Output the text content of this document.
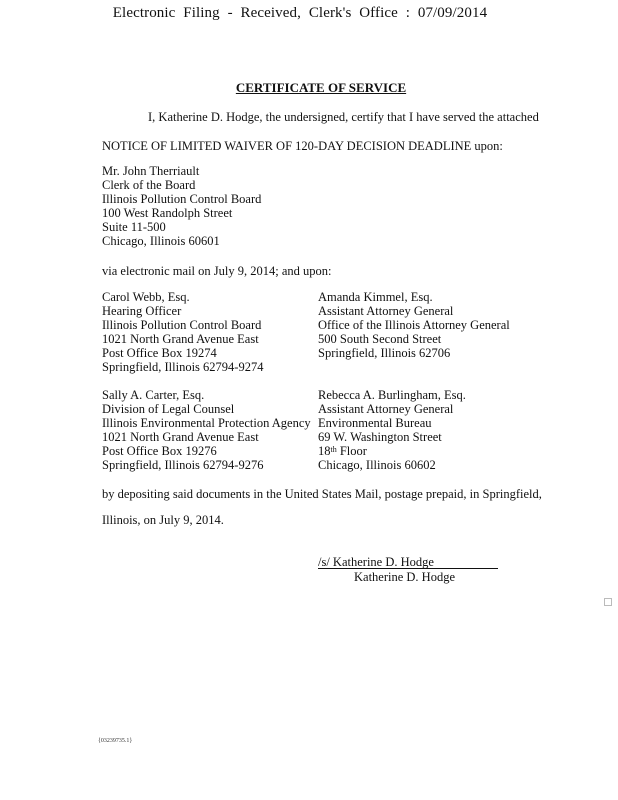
Electronic Filing - Received, Clerk's Office : 07/09/2014
CERTIFICATE OF SERVICE
I, Katherine D. Hodge, the undersigned, certify that I have served the attached
NOTICE OF LIMITED WAIVER OF 120-DAY DECISION DEADLINE upon:
Mr. John Therriault
Clerk of the Board
Illinois Pollution Control Board
100 West Randolph Street
Suite 11-500
Chicago, Illinois 60601
via electronic mail on July 9, 2014; and upon:
Carol Webb, Esq.
Hearing Officer
Illinois Pollution Control Board
1021 North Grand Avenue East
Post Office Box 19274
Springfield, Illinois 62794-9274
Amanda Kimmel, Esq.
Assistant Attorney General
Office of the Illinois Attorney General
500 South Second Street
Springfield, Illinois 62706
Sally A. Carter, Esq.
Division of Legal Counsel
Illinois Environmental Protection Agency
1021 North Grand Avenue East
Post Office Box 19276
Springfield, Illinois 62794-9276
Rebecca A. Burlingham, Esq.
Assistant Attorney General
Environmental Bureau
69 W. Washington Street
18th Floor
Chicago, Illinois 60602
by depositing said documents in the United States Mail, postage prepaid, in Springfield,
Illinois, on July 9, 2014.
/s/ Katherine D. Hodge
Katherine D. Hodge
{03239735.1}
